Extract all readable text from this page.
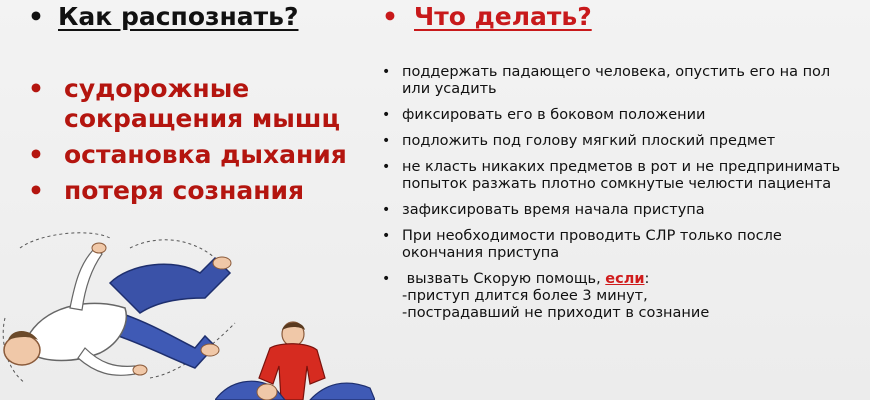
• Как распознать?
• судорожные сокращения мышц
• остановка дыхания
• потеря сознания
• Что делать?
• поддержать падающего человека, опустить его на пол или усадить
• фиксировать его в боковом положении
• подложить под голову мягкий плоский предмет
• не класть никаких предметов в рот и не предпринимать попыток разжать плотно сомкнутые челюсти пациента
• зафиксировать время начала приступа
• При необходимости проводить СЛР только после окончания приступа
•	вызвать Скорую помощь, если:
-приступ длится более 3 минут,
-пострадавший не приходит в сознание
